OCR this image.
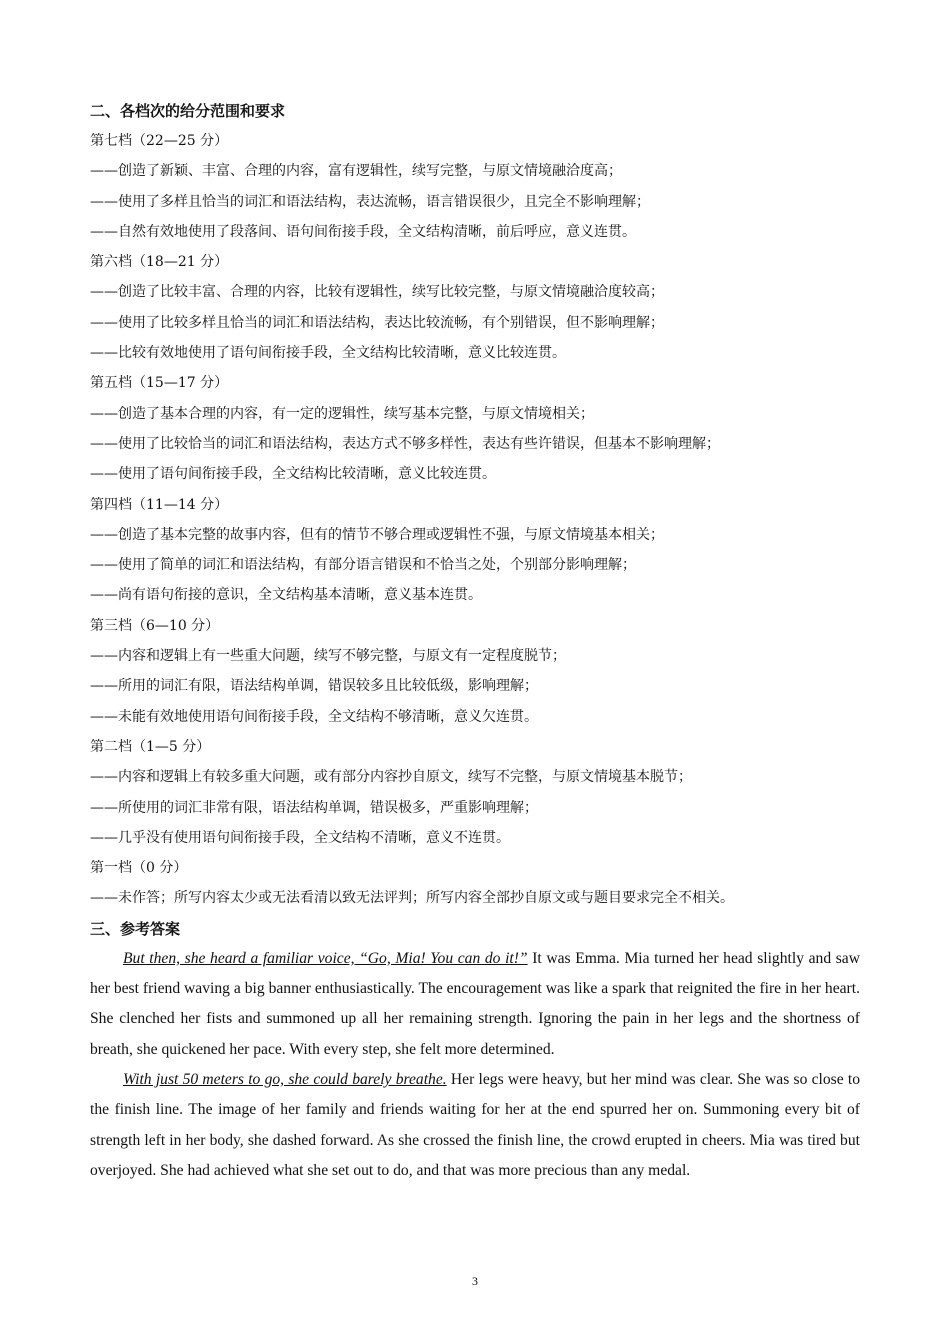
二、各档次的给分范围和要求
第七档（22—25 分）
——创造了新颖、丰富、合理的内容，富有逻辑性，续写完整，与原文情境融洽度高；
——使用了多样且恰当的词汇和语法结构，表达流畅，语言错误很少，且完全不影响理解；
——自然有效地使用了段落间、语句间衔接手段，全文结构清晰，前后呼应，意义连贯。
第六档（18—21 分）
——创造了比较丰富、合理的内容，比较有逻辑性，续写比较完整，与原文情境融洽度较高；
——使用了比较多样且恰当的词汇和语法结构，表达比较流畅，有个别错误，但不影响理解；
——比较有效地使用了语句间衔接手段，全文结构比较清晰，意义比较连贯。
第五档（15—17 分）
——创造了基本合理的内容，有一定的逻辑性，续写基本完整，与原文情境相关；
——使用了比较恰当的词汇和语法结构，表达方式不够多样性，表达有些许错误，但基本不影响理解；
——使用了语句间衔接手段，全文结构比较清晰，意义比较连贯。
第四档（11—14 分）
——创造了基本完整的故事内容，但有的情节不够合理或逻辑性不强，与原文情境基本相关；
——使用了简单的词汇和语法结构，有部分语言错误和不恰当之处，个别部分影响理解；
——尚有语句衔接的意识，全文结构基本清晰，意义基本连贯。
第三档（6—10 分）
——内容和逻辑上有一些重大问题，续写不够完整，与原文有一定程度脱节；
——所用的词汇有限，语法结构单调，错误较多且比较低级，影响理解；
——未能有效地使用语句间衔接手段，全文结构不够清晰，意义欠连贯。
第二档（1—5 分）
——内容和逻辑上有较多重大问题，或有部分内容抄自原文，续写不完整，与原文情境基本脱节；
——所使用的词汇非常有限，语法结构单调，错误极多，严重影响理解；
——几乎没有使用语句间衔接手段，全文结构不清晰，意义不连贯。
第一档（0 分）
——未作答；所写内容太少或无法看清以致无法评判；所写内容全部抄自原文或与题目要求完全不相关。
三、参考答案

But then, she heard a familiar voice, “Go, Mia! You can do it!” It was Emma. Mia turned her head slightly and saw her best friend waving a big banner enthusiastically. The encouragement was like a spark that reignited the fire in her heart. She clenched her fists and summoned up all her remaining strength. Ignoring the pain in her legs and the shortness of breath, she quickened her pace. With every step, she felt more determined.

With just 50 meters to go, she could barely breathe. Her legs were heavy, but her mind was clear. She was so close to the finish line. The image of her family and friends waiting for her at the end spurred her on. Summoning every bit of strength left in her body, she dashed forward. As she crossed the finish line, the crowd erupted in cheers. Mia was tired but overjoyed. She had achieved what she set out to do, and that was more precious than any medal.

3
